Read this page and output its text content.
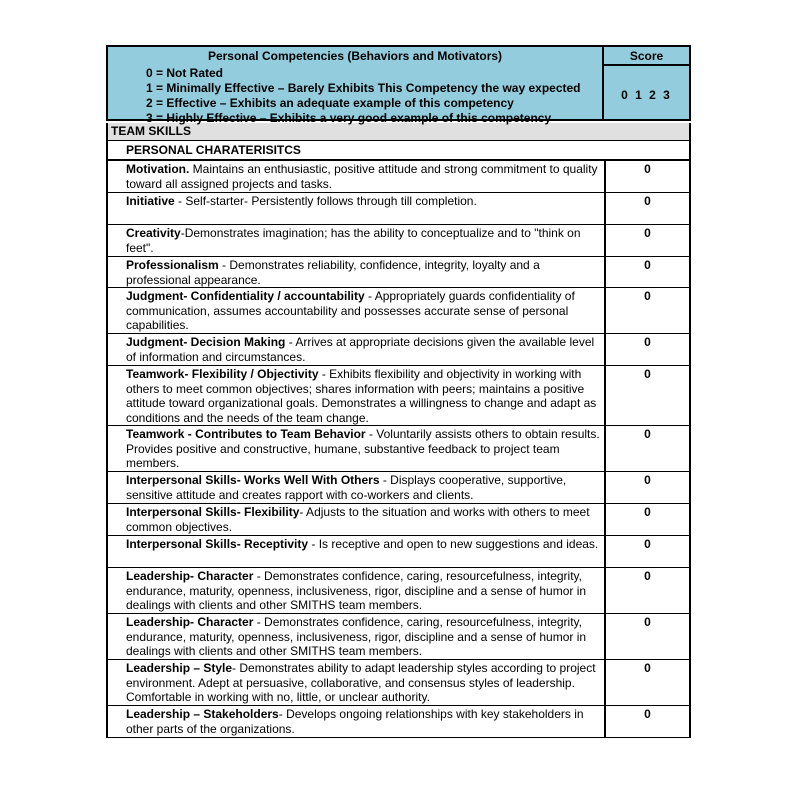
Personal Competencies (Behaviors and Motivators)
0 = Not Rated
1 = Minimally Effective – Barely Exhibits This Competency the way expected
2 = Effective – Exhibits an adequate example of this competency
3 = Highly Effective – Exhibits a very good example of this competency
Score
0 1 2 3
TEAM SKILLS
PERSONAL CHARATERISITCS
Motivation. Maintains an enthusiastic, positive attitude and strong commitment to quality toward all assigned projects and tasks.
0
Initiative - Self-starter- Persistently follows through till completion.	0
Creativity-Demonstrates imagination; has the ability to conceptualize and to "think on feet".
0
Professionalism - Demonstrates reliability, confidence, integrity, loyalty and a professional appearance.
0
Judgment- Confidentiality / accountability - Appropriately guards confidentiality of communication, assumes accountability and possesses accurate sense of personal capabilities.
0
Judgment- Decision Making - Arrives at appropriate decisions given the available level of information and circumstances.
0
Teamwork- Flexibility / Objectivity - Exhibits flexibility and objectivity in working with others to meet common objectives; shares information with peers; maintains a positive attitude toward organizational goals. Demonstrates a willingness to change and adapt as conditions and the needs of the team change.
0
Teamwork - Contributes to Team Behavior - Voluntarily assists others to obtain results. Provides positive and constructive, humane, substantive feedback to project team members.
0
Interpersonal Skills- Works Well With Others - Displays cooperative, supportive, sensitive attitude and creates rapport with co-workers and clients.
0
Interpersonal Skills- Flexibility- Adjusts to the situation and works with others to meet common objectives.
0
Interpersonal Skills- Receptivity - Is receptive and open to new suggestions and ideas.	0
Leadership- Character - Demonstrates confidence, caring, resourcefulness, integrity, endurance, maturity, openness, inclusiveness, rigor, discipline and a sense of humor in dealings with clients and other SMITHS team members.
0
Leadership- Character - Demonstrates confidence, caring, resourcefulness, integrity, endurance, maturity, openness, inclusiveness, rigor, discipline and a sense of humor in dealings with clients and other SMITHS team members.
0
Leadership – Style- Demonstrates ability to adapt leadership styles according to project environment. Adept at persuasive, collaborative, and consensus styles of leadership. Comfortable in working with no, little, or unclear authority.
0
Leadership – Stakeholders- Develops ongoing relationships with key stakeholders in other parts of the organizations.
0
